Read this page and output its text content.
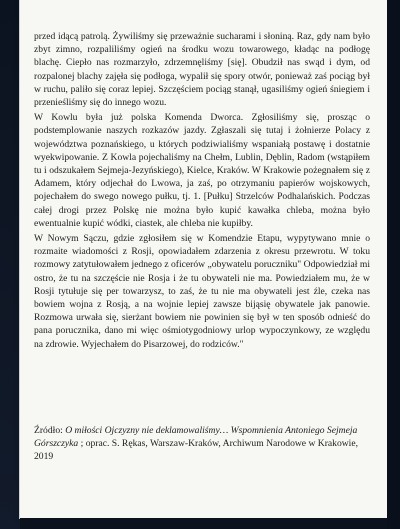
przed idącą patrolą. Żywiliśmy się przeważnie sucharami i słoniną. Raz, gdy nam było zbyt zimno, rozpaliliśmy ogień na środku wozu towarowego, kładąc na podłogę blachę. Ciepło nas rozmarzyło, zdrzemnęliśmy [się]. Obudził nas swąd i dym, od rozpalonej blachy zajęła się podłoga, wypalił się spory otwór, ponieważ zaś pociąg był w ruchu, paliło się coraz lepiej. Szczęściem pociąg stanął, ugasiliśmy ogień śniegiem i przenieśliśmy się do innego wozu.

W Kowlu była już polska Komenda Dworca. Zgłosiliśmy się, prosząc o podstemplowanie naszych rozkazów jazdy. Zgłaszali się tutaj i żołnierze Polacy z województwa poznańskiego, u których podziwialiśmy wspaniałą postawę i dostatnie wyekwipowanie. Z Kowla pojechaliśmy na Chełm, Lublin, Dęblin, Radom (wstąpiłem tu i odszukałem Sejmeja-Jezyńskiego), Kielce, Kraków. W Krakowie pożegnałem się z Adamem, który odjechał do Lwowa, ja zaś, po otrzymaniu papierów wojskowych, pojechałem do swego nowego pułku, tj. 1. [Pułku] Strzelców Podhalańskich. Podczas całej drogi przez Polskę nie można było kupić kawałka chleba, można było ewentualnie kupić wódki, ciastek, ale chleba nie kupiłby.

W Nowym Sączu, gdzie zgłosiłem się w Komendzie Etapu, wypytywano mnie o rozmaite wiadomości z Rosji, opowiadałem zdarzenia z okresu przewrotu. W toku rozmowy zatytułowałem jednego z oficerów „obywatelu poruczniku" Odpowiedział mi ostro, że tu na szczęście nie Rosja i że tu obywateli nie ma. Powiedziałem mu, że w Rosji tytułuje się per towarzysz, to zaś, że tu nie ma obywateli jest źle, czeka nas bowiem wojna z Rosją, a na wojnie lepiej zawsze bijąsię obywatele jak panowie. Rozmowa urwała się, sierżant bowiem nie powinien się był w ten sposób odnieść do pana porucznika, dano mi więc ośmiotygodniowy urlop wypoczynkowy, ze względu na zdrowie. Wyjechałem do Pisarzowej, do rodziców."

Źródło: O miłości Ojczyzny nie deklamowaliśmy… Wspomnienia Antoniego Sejmeja Górszczyka ; oprac. S. Rękas, Warszaw-Kraków, Archiwum Narodowe w Krakowie, 2019
